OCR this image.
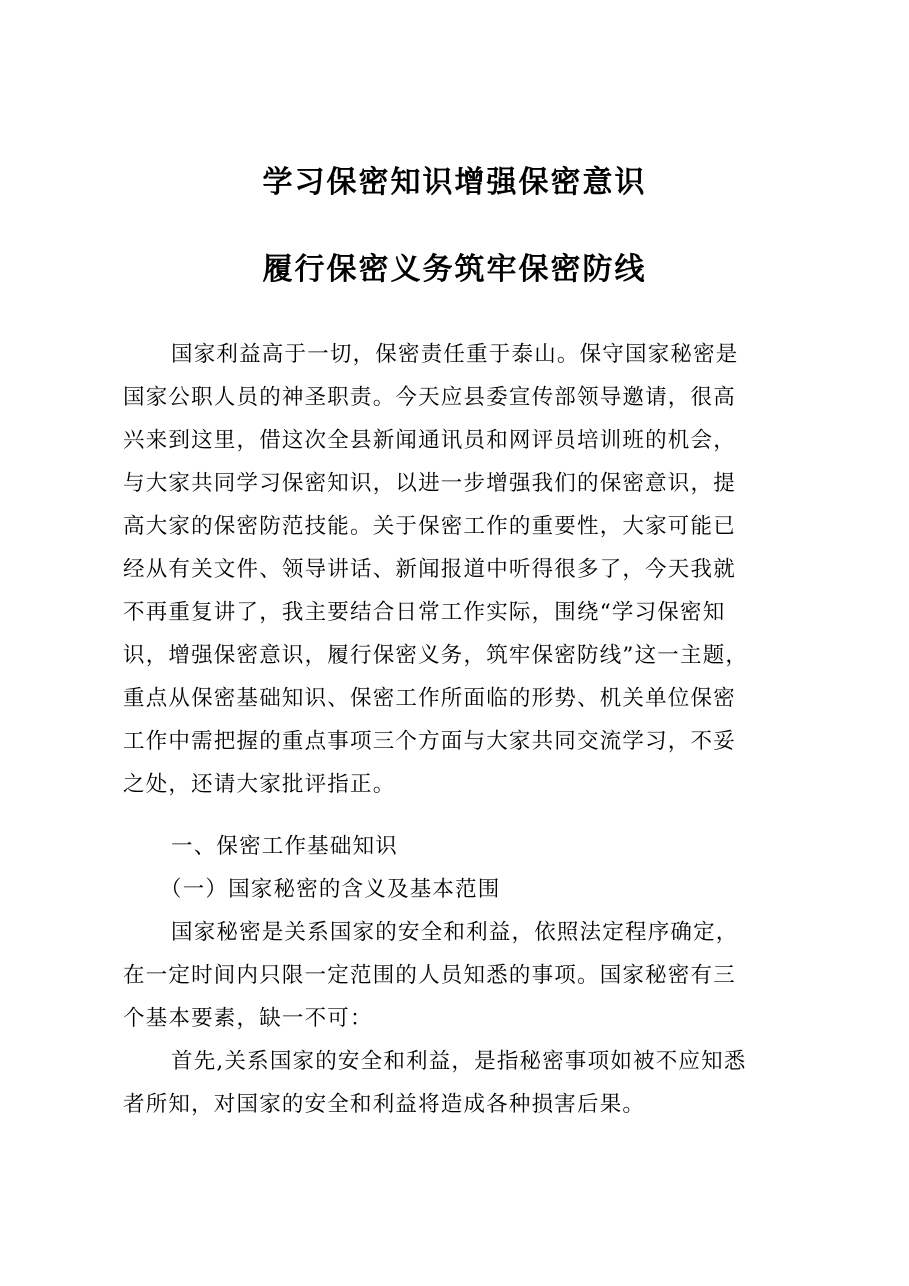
学习保密知识增强保密意识
履行保密义务筑牢保密防线
国家利益高于一切，保密责任重于泰山。保守国家秘密是
国家公职人员的神圣职责。今天应县委宣传部领导邀请，很高
兴来到这里，借这次全县新闻通讯员和网评员培训班的机会，
与大家共同学习保密知识，以进一步增强我们的保密意识，提
高大家的保密防范技能。关于保密工作的重要性，大家可能已
经从有关文件、领导讲话、新闻报道中听得很多了，今天我就
不再重复讲了，我主要结合日常工作实际，围绕“学习保密知
识，增强保密意识，履行保密义务，筑牢保密防线”这一主题，
重点从保密基础知识、保密工作所面临的形势、机关单位保密
工作中需把握的重点事项三个方面与大家共同交流学习，不妥
之处，还请大家批评指正。
一、保密工作基础知识
（一）国家秘密的含义及基本范围
国家秘密是关系国家的安全和利益，依照法定程序确定，
在一定时间内只限一定范围的人员知悉的事项。国家秘密有三
个基本要素，缺一不可：
首先,关系国家的安全和利益，是指秘密事项如被不应知悉
者所知，对国家的安全和利益将造成各种损害后果。
